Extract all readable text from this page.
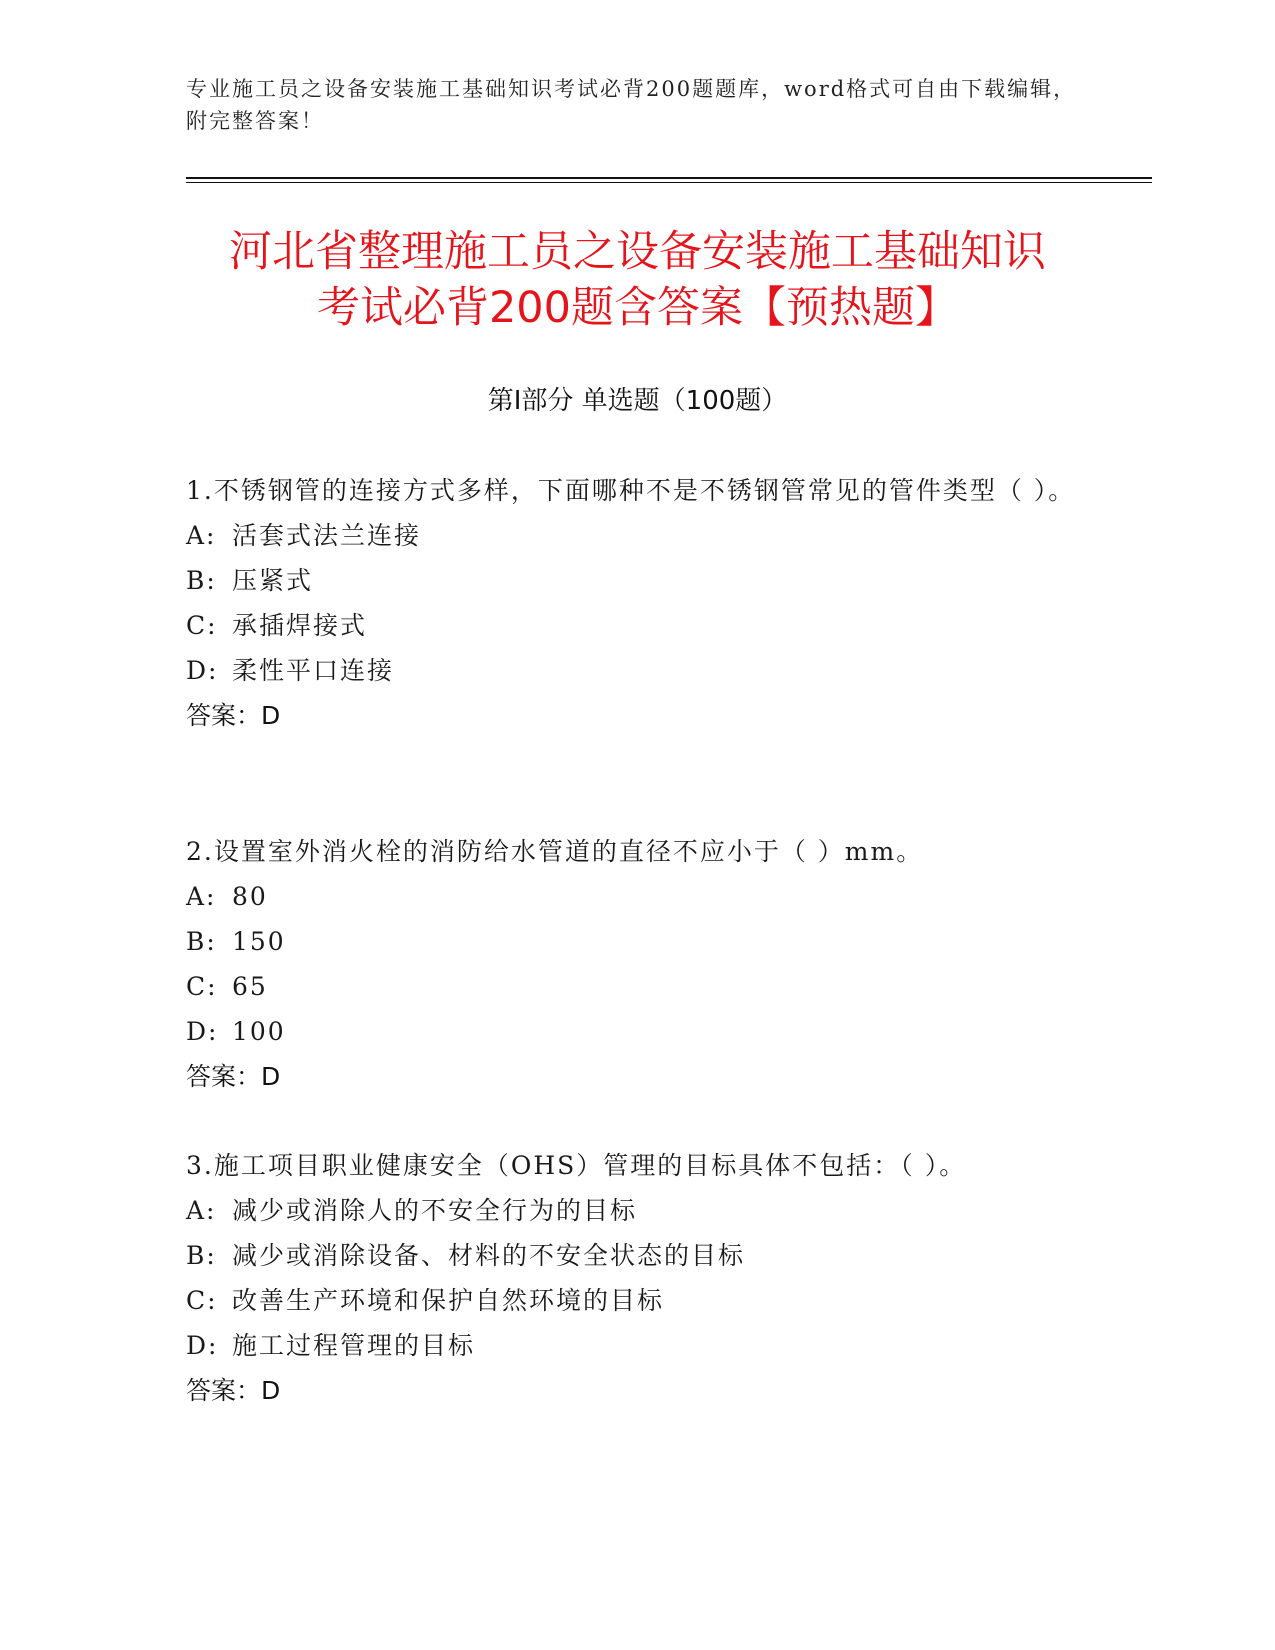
专业施工员之设备安装施工基础知识考试必背200题题库，word格式可自由下载编辑，附完整答案！
河北省整理施工员之设备安装施工基础知识
考试必背200题含答案【预热题】
第Ⅰ部分 单选题（100题）

1.不锈钢管的连接方式多样，下面哪种不是不锈钢管常见的管件类型（ ）。

A: 活套式法兰连接

B: 压紧式

C: 承插焊接式

D: 柔性平口连接

答案：D

2.设置室外消火栓的消防给水管道的直径不应小于（ ）mm。

A: 80

B: 150

C: 65

D: 100

答案：D

3.施工项目职业健康安全（OHS）管理的目标具体不包括：（ ）。

A: 减少或消除人的不安全行为的目标

B: 减少或消除设备、材料的不安全状态的目标

C: 改善生产环境和保护自然环境的目标

D: 施工过程管理的目标

答案：D
